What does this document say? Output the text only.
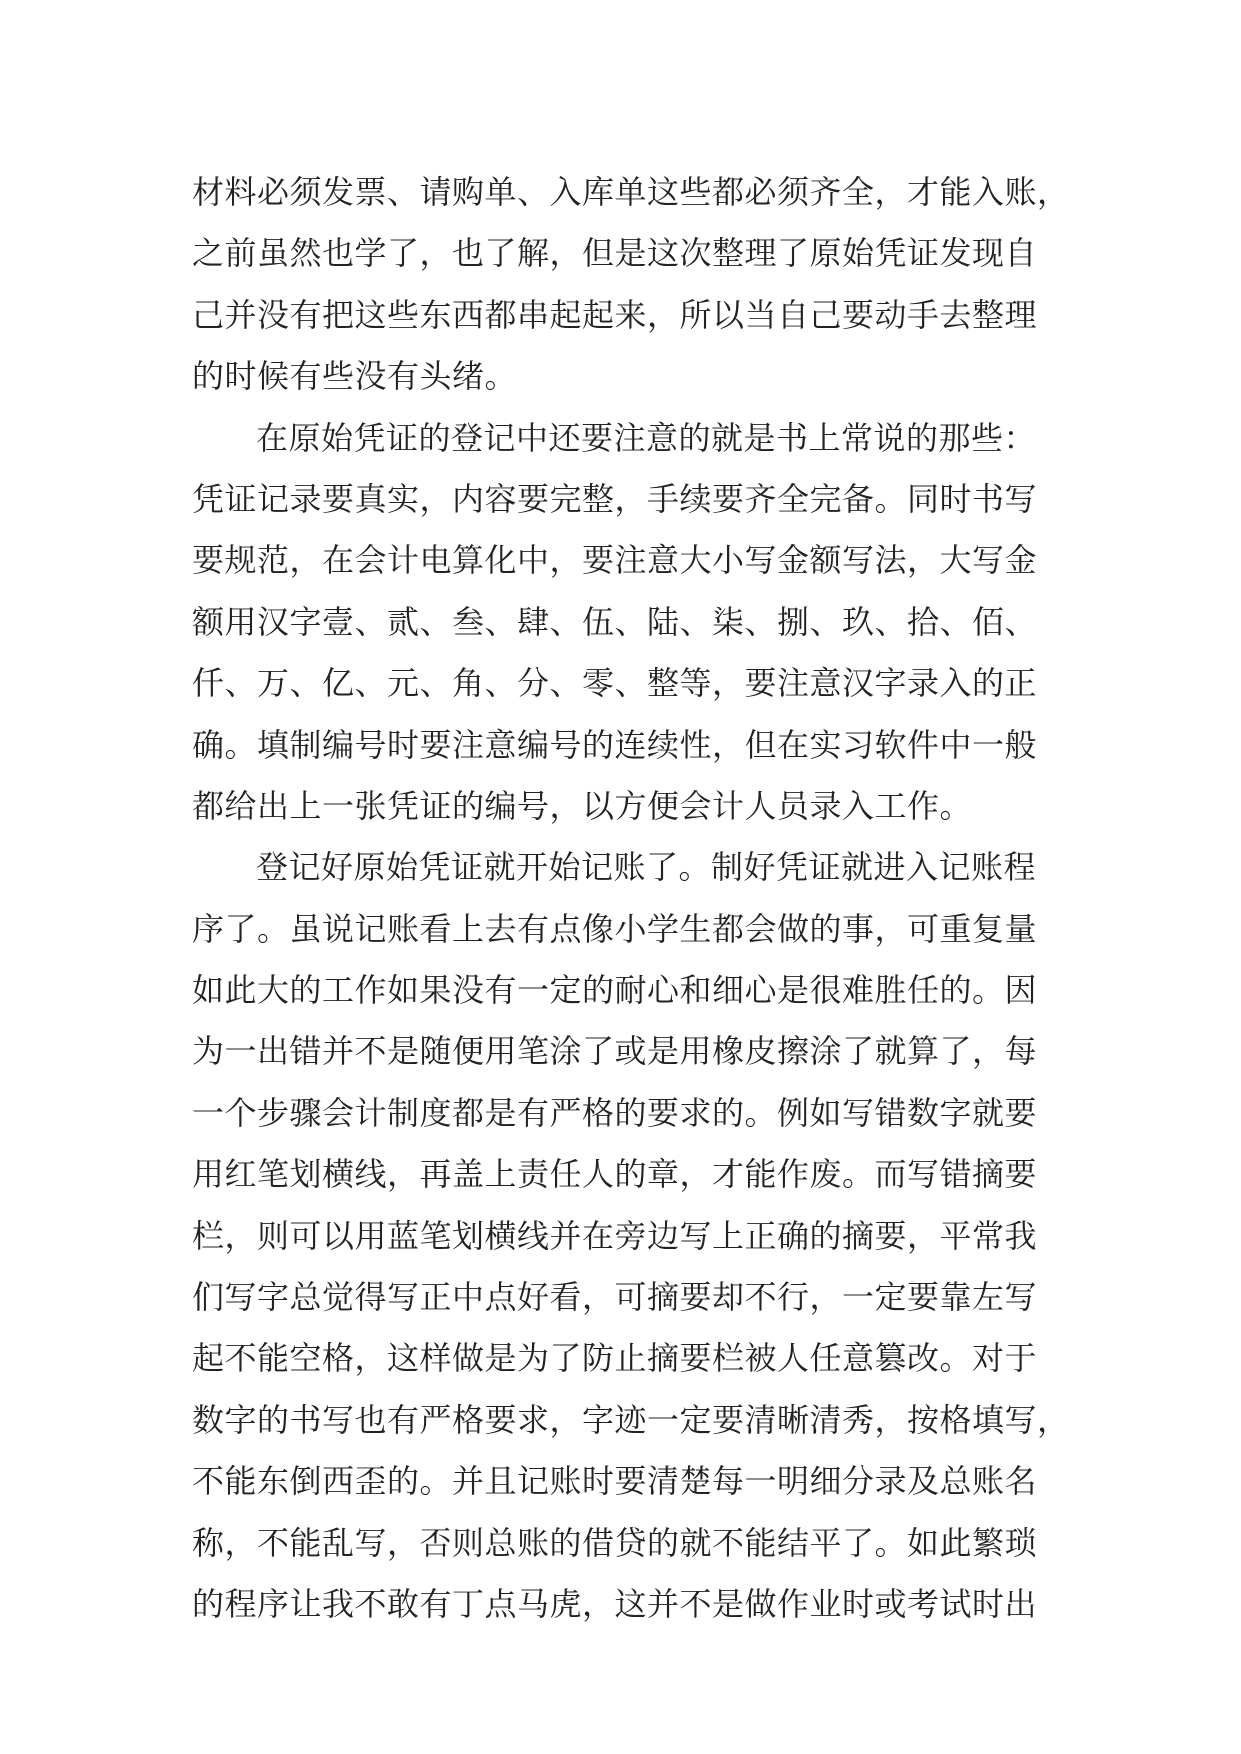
材料必须发票、请购单、入库单这些都必须齐全，才能入账，
之前虽然也学了，也了解，但是这次整理了原始凭证发现自
己并没有把这些东西都串起起来，所以当自己要动手去整理
的时候有些没有头绪。
在原始凭证的登记中还要注意的就是书上常说的那些：
凭证记录要真实，内容要完整，手续要齐全完备。同时书写
要规范，在会计电算化中，要注意大小写金额写法，大写金
额用汉字壹、贰、叁、肆、伍、陆、柒、捌、玖、拾、佰、
仟、万、亿、元、角、分、零、整等，要注意汉字录入的正
确。填制编号时要注意编号的连续性，但在实习软件中一般
都给出上一张凭证的编号，以方便会计人员录入工作。
登记好原始凭证就开始记账了。制好凭证就进入记账程
序了。虽说记账看上去有点像小学生都会做的事，可重复量
如此大的工作如果没有一定的耐心和细心是很难胜任的。因
为一出错并不是随便用笔涂了或是用橡皮擦涂了就算了，每
一个步骤会计制度都是有严格的要求的。例如写错数字就要
用红笔划横线，再盖上责任人的章，才能作废。而写错摘要
栏，则可以用蓝笔划横线并在旁边写上正确的摘要，平常我
们写字总觉得写正中点好看，可摘要却不行，一定要靠左写
起不能空格，这样做是为了防止摘要栏被人任意篡改。对于
数字的书写也有严格要求，字迹一定要清晰清秀，按格填写，
不能东倒西歪的。并且记账时要清楚每一明细分录及总账名
称，不能乱写，否则总账的借贷的就不能结平了。如此繁琐
的程序让我不敢有丁点马虎，这并不是做作业时或考试时出
